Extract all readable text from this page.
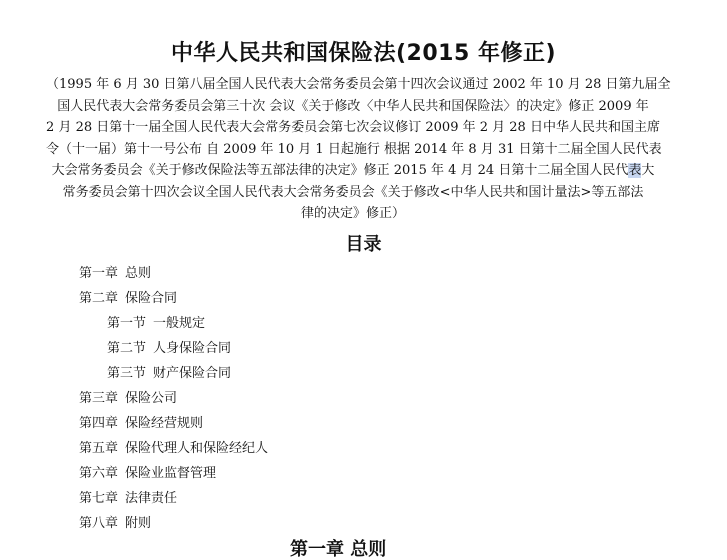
中华人民共和国保险法(2015 年修正)
（1995 年 6 月 30 日第八届全国人民代表大会常务委员会第十四次会议通过 2002 年 10 月 28 日第九届全
国人民代表大会常务委员会第三十次 会议《关于修改〈中华人民共和国保险法〉的决定》修正 2009 年
2 月 28 日第十一届全国人民代表大会常务委员会第七次会议修订 2009 年 2 月 28 日中华人民共和国主席
令（十一届）第十一号公布 自 2009 年 10 月 1 日起施行 根据 2014 年 8 月 31 日第十二届全国人民代表
大会常务委员会《关于修改保险法等五部法律的决定》修正 2015 年 4 月 24 日第十二届全国人民代表大
常务委员会第十四次会议全国人民代表大会常务委员会《关于修改<中华人民共和国计量法>等五部法
律的决定》修正）
目录
第一章 总则
第二章 保险合同
第一节 一般规定
第二节 人身保险合同
第三节 财产保险合同
第三章 保险公司
第四章 保险经营规则
第五章 保险代理人和保险经纪人
第六章 保险业监督管理
第七章 法律责任
第八章 附则
第一章 总则
